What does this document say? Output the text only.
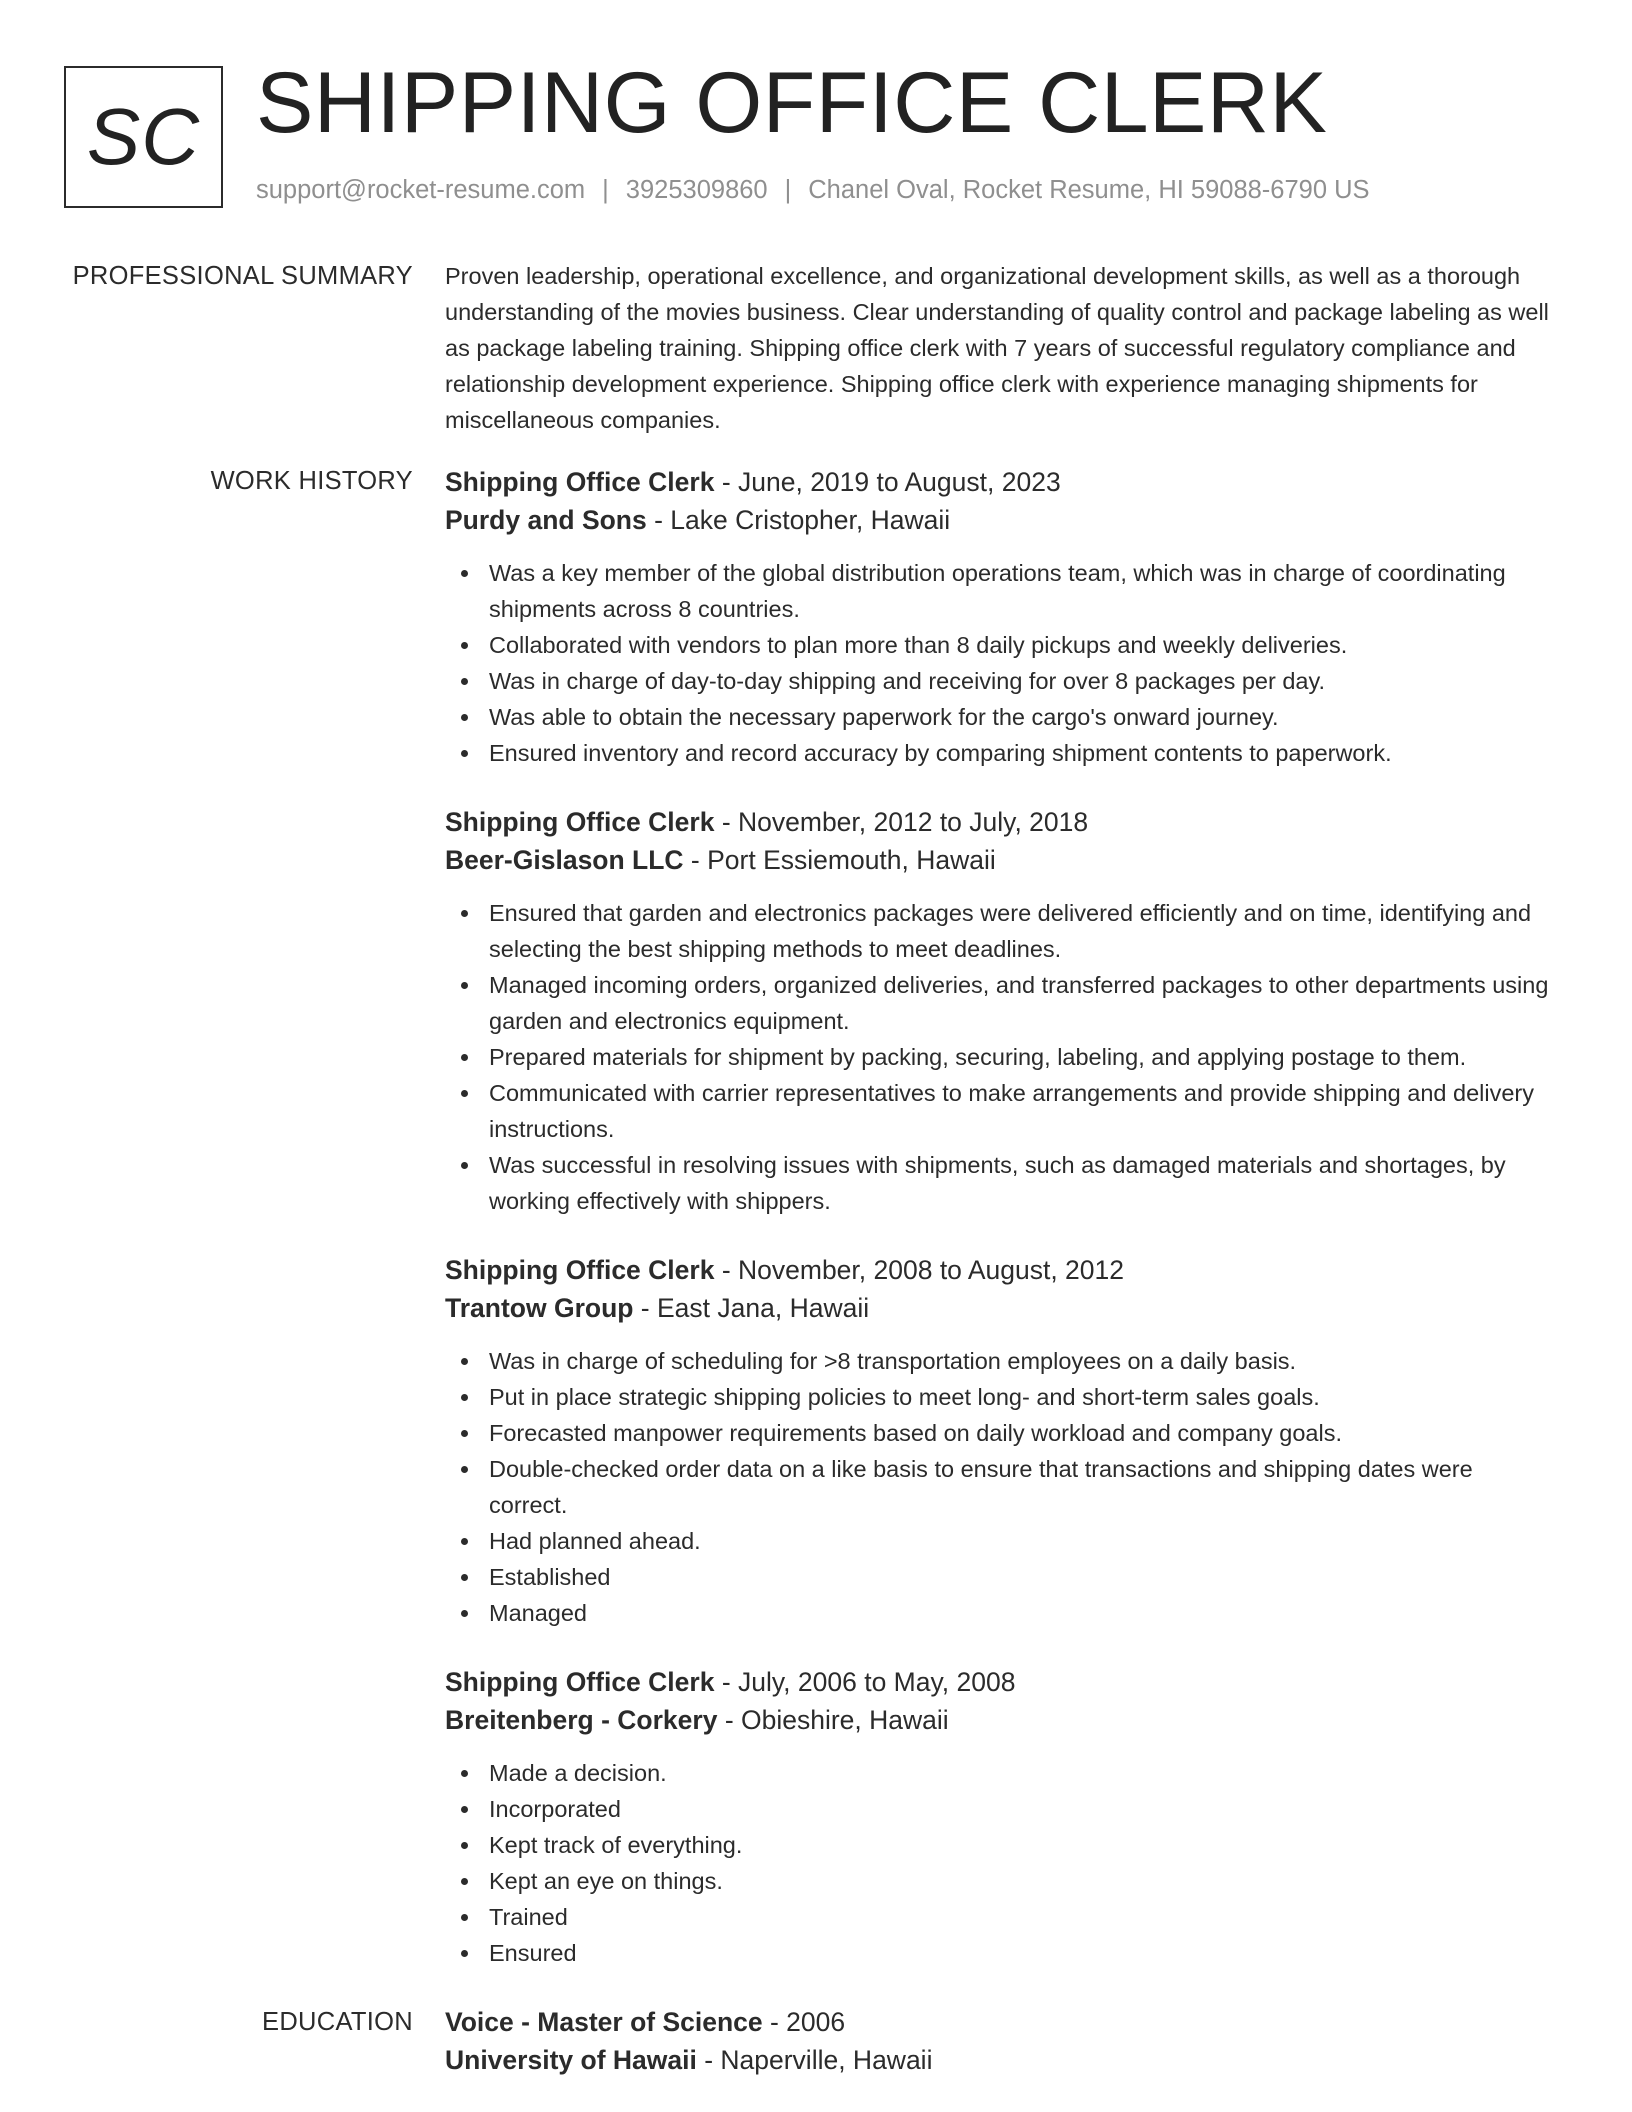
SC SHIPPING OFFICE CLERK
support@rocket-resume.com | 3925309860 | Chanel Oval, Rocket Resume, HI 59088-6790 US
PROFESSIONAL SUMMARY Proven leadership, operational excellence, and organizational development skills, as well as a thorough understanding of the movies business. Clear understanding of quality control and package labeling as well as package labeling training. Shipping office clerk with 7 years of successful regulatory compliance and relationship development experience. Shipping office clerk with experience managing shipments for miscellaneous companies.
WORK HISTORY Shipping Office Clerk - June, 2019 to August, 2023
Purdy and Sons - Lake Cristopher, Hawaii
Was a key member of the global distribution operations team, which was in charge of coordinating shipments across 8 countries.
Collaborated with vendors to plan more than 8 daily pickups and weekly deliveries.
Was in charge of day-to-day shipping and receiving for over 8 packages per day.
Was able to obtain the necessary paperwork for the cargo's onward journey.
Ensured inventory and record accuracy by comparing shipment contents to paperwork.
Shipping Office Clerk - November, 2012 to July, 2018
Beer-Gislason LLC - Port Essiemouth, Hawaii
Ensured that garden and electronics packages were delivered efficiently and on time, identifying and selecting the best shipping methods to meet deadlines.
Managed incoming orders, organized deliveries, and transferred packages to other departments using garden and electronics equipment.
Prepared materials for shipment by packing, securing, labeling, and applying postage to them.
Communicated with carrier representatives to make arrangements and provide shipping and delivery instructions.
Was successful in resolving issues with shipments, such as damaged materials and shortages, by working effectively with shippers.
Shipping Office Clerk - November, 2008 to August, 2012
Trantow Group - East Jana, Hawaii
Was in charge of scheduling for >8 transportation employees on a daily basis.
Put in place strategic shipping policies to meet long- and short-term sales goals.
Forecasted manpower requirements based on daily workload and company goals.
Double-checked order data on a like basis to ensure that transactions and shipping dates were correct.
Had planned ahead.
Established
Managed
Shipping Office Clerk - July, 2006 to May, 2008
Breitenberg - Corkery - Obieshire, Hawaii
Made a decision.
Incorporated
Kept track of everything.
Kept an eye on things.
Trained
Ensured
EDUCATION Voice - Master of Science - 2006
University of Hawaii - Naperville, Hawaii
